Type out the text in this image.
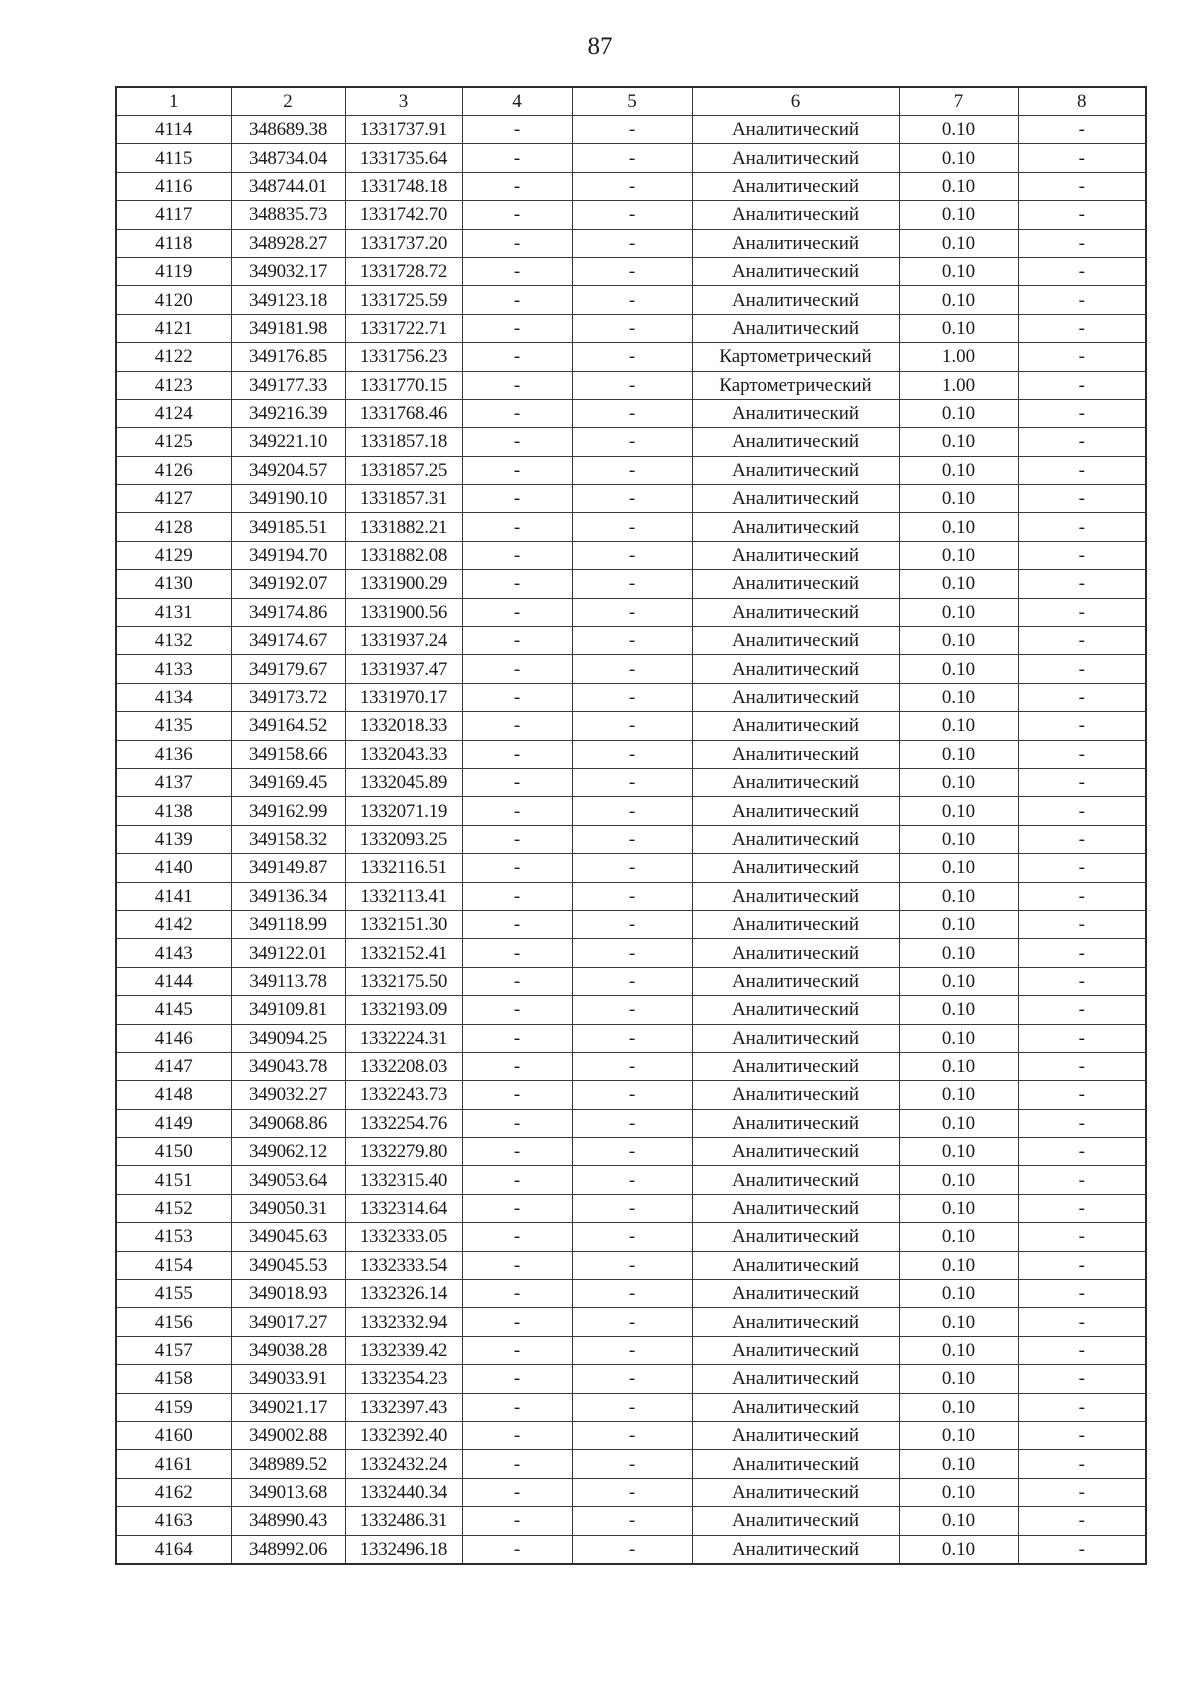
87
1	2	3	4	5	6	7	8
4114	348689.38	1331737.91	-	-	Аналитический	0.10	-
4115	348734.04	1331735.64	-	-	Аналитический	0.10	-
4116	348744.01	1331748.18	-	-	Аналитический	0.10	-
4117	348835.73	1331742.70	-	-	Аналитический	0.10	-
4118	348928.27	1331737.20	-	-	Аналитический	0.10	-
4119	349032.17	1331728.72	-	-	Аналитический	0.10	-
4120	349123.18	1331725.59	-	-	Аналитический	0.10	-
4121	349181.98	1331722.71	-	-	Аналитический	0.10	-
4122	349176.85	1331756.23	-	-	Картометрический	1.00	-
4123	349177.33	1331770.15	-	-	Картометрический	1.00	-
4124	349216.39	1331768.46	-	-	Аналитический	0.10	-
4125	349221.10	1331857.18	-	-	Аналитический	0.10	-
4126	349204.57	1331857.25	-	-	Аналитический	0.10	-
4127	349190.10	1331857.31	-	-	Аналитический	0.10	-
4128	349185.51	1331882.21	-	-	Аналитический	0.10	-
4129	349194.70	1331882.08	-	-	Аналитический	0.10	-
4130	349192.07	1331900.29	-	-	Аналитический	0.10	-
4131	349174.86	1331900.56	-	-	Аналитический	0.10	-
4132	349174.67	1331937.24	-	-	Аналитический	0.10	-
4133	349179.67	1331937.47	-	-	Аналитический	0.10	-
4134	349173.72	1331970.17	-	-	Аналитический	0.10	-
4135	349164.52	1332018.33	-	-	Аналитический	0.10	-
4136	349158.66	1332043.33	-	-	Аналитический	0.10	-
4137	349169.45	1332045.89	-	-	Аналитический	0.10	-
4138	349162.99	1332071.19	-	-	Аналитический	0.10	-
4139	349158.32	1332093.25	-	-	Аналитический	0.10	-
4140	349149.87	1332116.51	-	-	Аналитический	0.10	-
4141	349136.34	1332113.41	-	-	Аналитический	0.10	-
4142	349118.99	1332151.30	-	-	Аналитический	0.10	-
4143	349122.01	1332152.41	-	-	Аналитический	0.10	-
4144	349113.78	1332175.50	-	-	Аналитический	0.10	-
4145	349109.81	1332193.09	-	-	Аналитический	0.10	-
4146	349094.25	1332224.31	-	-	Аналитический	0.10	-
4147	349043.78	1332208.03	-	-	Аналитический	0.10	-
4148	349032.27	1332243.73	-	-	Аналитический	0.10	-
4149	349068.86	1332254.76	-	-	Аналитический	0.10	-
4150	349062.12	1332279.80	-	-	Аналитический	0.10	-
4151	349053.64	1332315.40	-	-	Аналитический	0.10	-
4152	349050.31	1332314.64	-	-	Аналитический	0.10	-
4153	349045.63	1332333.05	-	-	Аналитический	0.10	-
4154	349045.53	1332333.54	-	-	Аналитический	0.10	-
4155	349018.93	1332326.14	-	-	Аналитический	0.10	-
4156	349017.27	1332332.94	-	-	Аналитический	0.10	-
4157	349038.28	1332339.42	-	-	Аналитический	0.10	-
4158	349033.91	1332354.23	-	-	Аналитический	0.10	-
4159	349021.17	1332397.43	-	-	Аналитический	0.10	-
4160	349002.88	1332392.40	-	-	Аналитический	0.10	-
4161	348989.52	1332432.24	-	-	Аналитический	0.10	-
4162	349013.68	1332440.34	-	-	Аналитический	0.10	-
4163	348990.43	1332486.31	-	-	Аналитический	0.10	-
4164	348992.06	1332496.18	-	-	Аналитический	0.10	-
